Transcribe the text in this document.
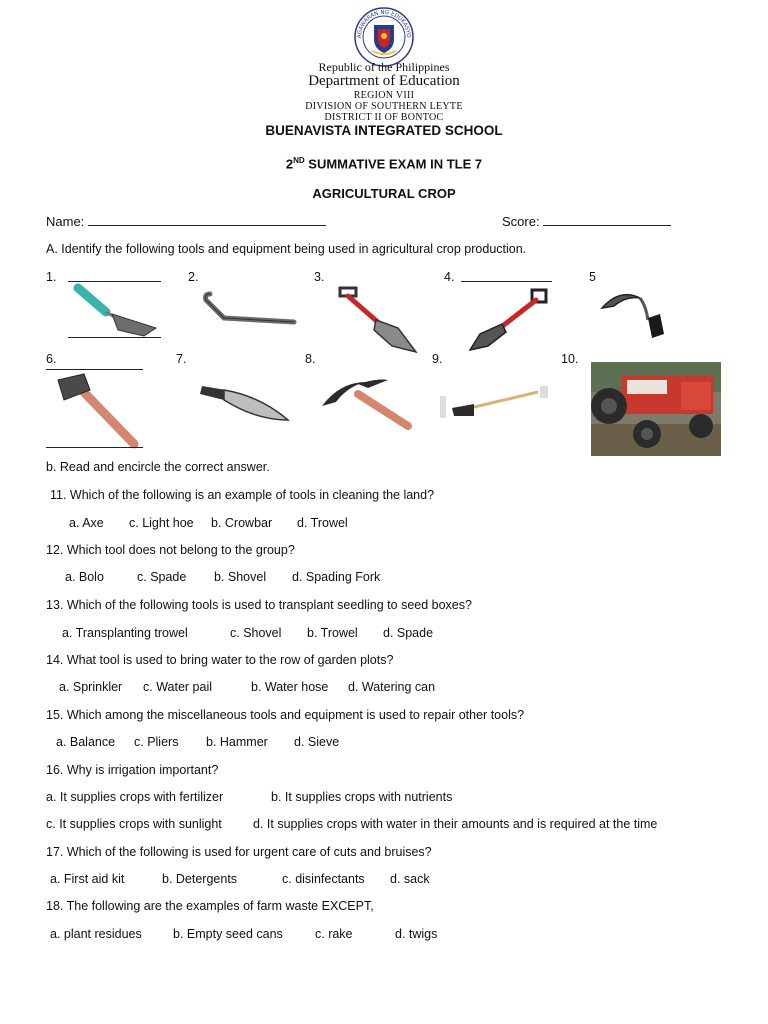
KAGAWARAN NG EDUKASYON
Republic of the Philippines
Department of Education
REGION VIII
DIVISION OF SOUTHERN LEYTE
DISTRICT II OF BONTOC
BUENAVISTA INTEGRATED SCHOOL
2ND SUMMATIVE EXAM IN TLE 7
AGRICULTURAL CROP
Name:	Score:
A. Identify the following tools and equipment being used in agricultural crop production.
1.	2.	3.	4.	5
6.	7.	8.	9.	10.
b. Read and encircle the correct answer.
11. Which of the following is an example of tools in cleaning the land?
a. Axe c. Light hoe b. Crowbar d. Trowel
12. Which tool does not belong to the group?
a. Bolo	c. Spade b. Shovel d. Spading Fork
13. Which of the following tools is used to transplant seedling to seed boxes?
a. Transplanting trowel	c. Shovel b. Trowel d. Spade
14. What tool is used to bring water to the row of garden plots?
a. Sprinkler c. Water pail	b. Water hose d. Watering can
15. Which among the miscellaneous tools and equipment is used to repair other tools?
a. Balance c. Pliers b. Hammer d. Sieve
16. Why is irrigation important?
a. It supplies crops with fertilizer	b. It supplies crops with nutrients
c. It supplies crops with sunlight d. It supplies crops with water in their amounts and is required at the time
17. Which of the following is used for urgent care of cuts and bruises?
a. First aid kit	b. Detergents	c. disinfectants d. sack
18. The following are the examples of farm waste EXCEPT,
a. plant residues	b. Empty seed cans	c. rake	d. twigs
